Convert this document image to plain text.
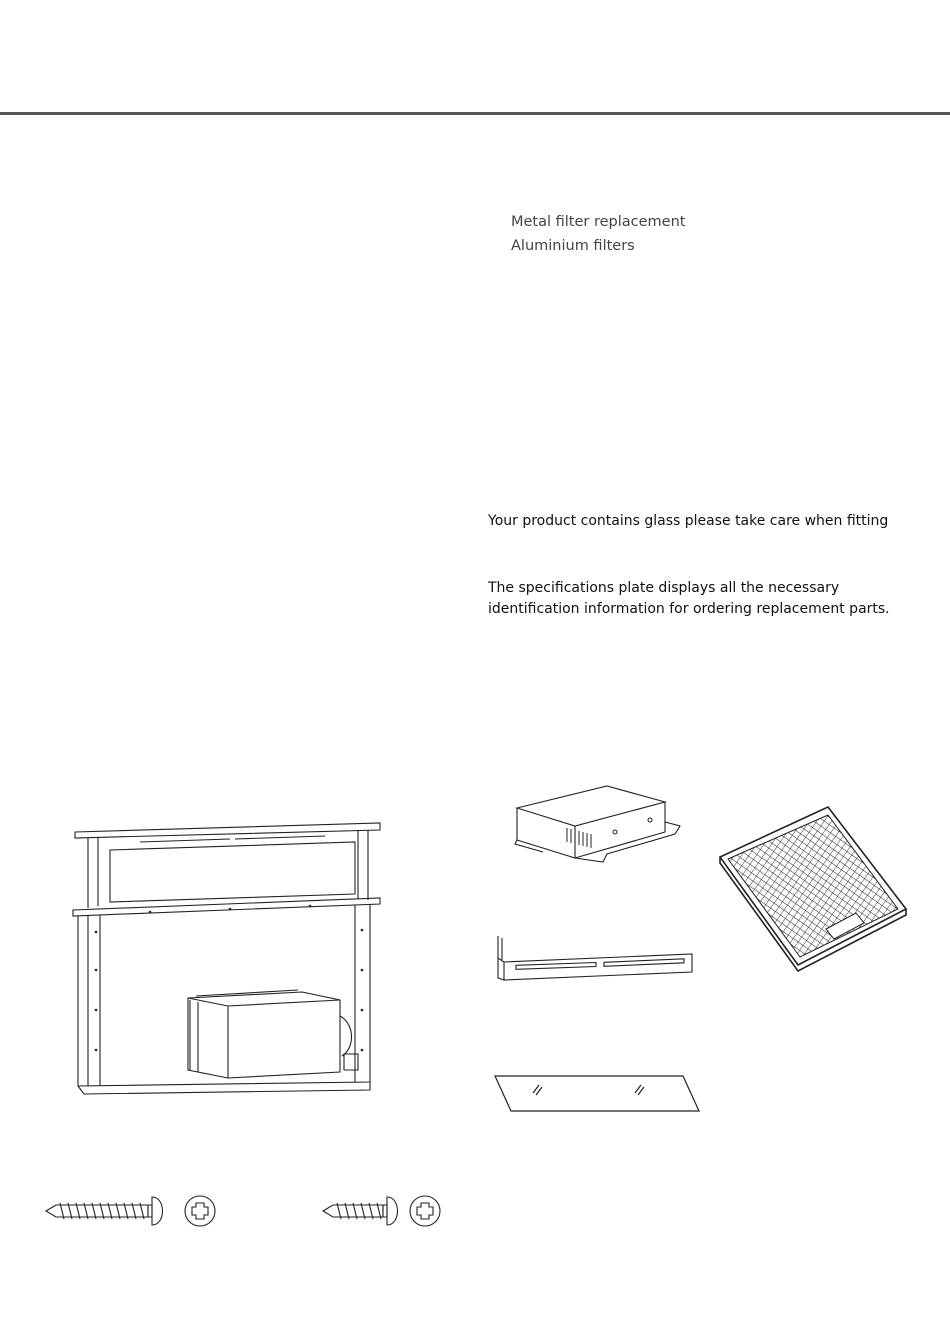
Metal filter replacement

Aluminium filters

Your product contains glass please take care when fitting

The specifications plate displays all the necessary

identification information for ordering replacement parts.
